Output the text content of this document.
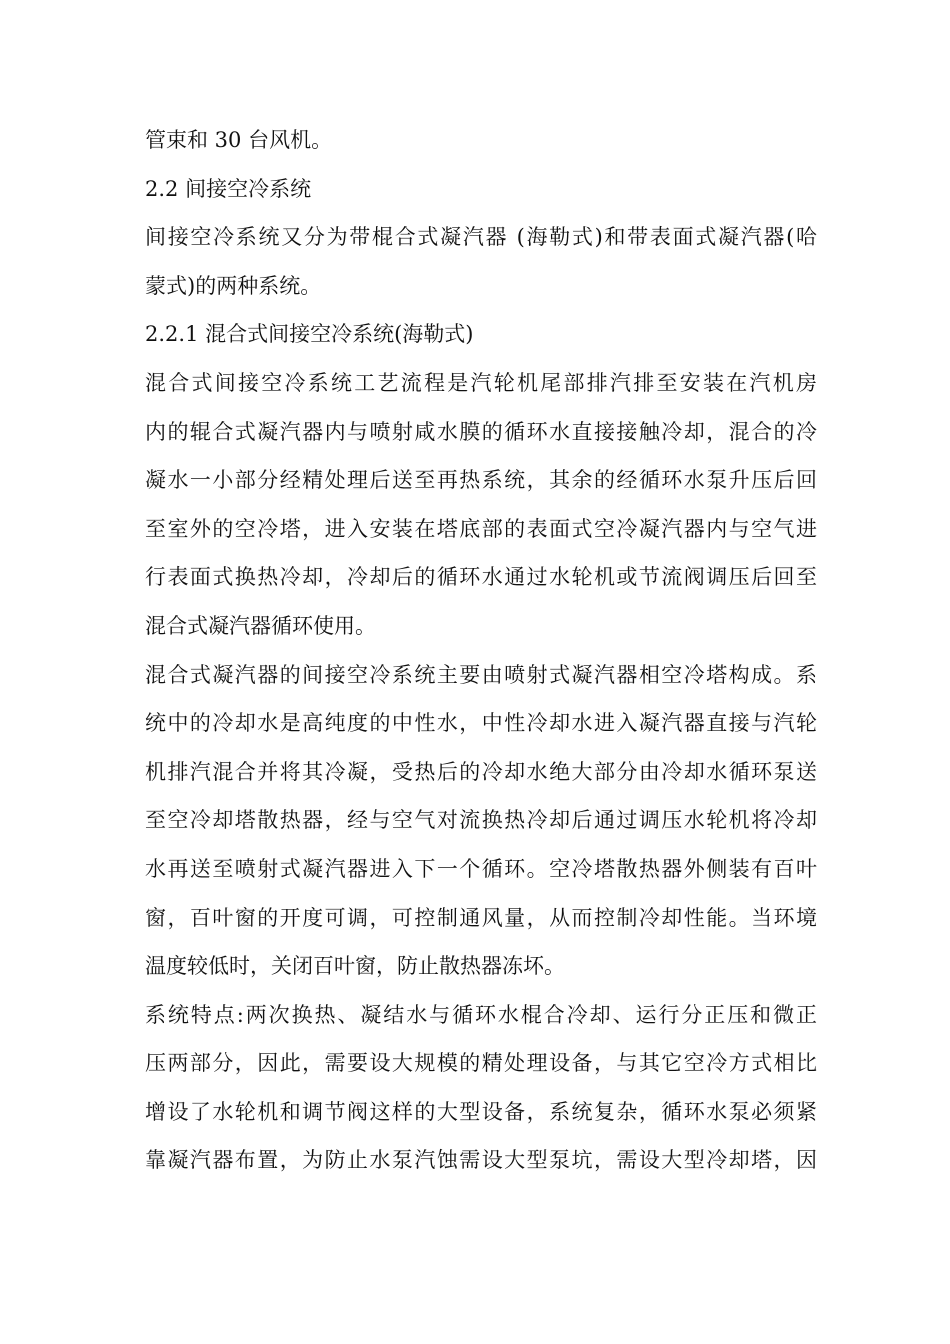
管束和 30 台风机。
2.2 间接空冷系统
间接空冷系统又分为带棍合式凝汽器 (海勒式)和带表面式凝汽器(哈
蒙式)的两种系统。
2.2.1 混合式间接空冷系统(海勒式)
混合式间接空冷系统工艺流程是汽轮机尾部排汽排至安装在汽机房
内的辊合式凝汽器内与喷射咸水膜的循环水直接接触冷却，混合的冷
凝水一小部分经精处理后送至再热系统，其余的经循环水泵升压后回
至室外的空冷塔，进入安装在塔底部的表面式空冷凝汽器内与空气进
行表面式换热冷却，冷却后的循环水通过水轮机或节流阀调压后回至
混合式凝汽器循环使用。
混合式凝汽器的间接空冷系统主要由喷射式凝汽器相空冷塔构成。系
统中的冷却水是高纯度的中性水，中性冷却水进入凝汽器直接与汽轮
机排汽混合并将其冷凝，受热后的冷却水绝大部分由冷却水循环泵送
至空冷却塔散热器，经与空气对流换热冷却后通过调压水轮机将冷却
水再送至喷射式凝汽器进入下一个循环。空冷塔散热器外侧装有百叶
窗，百叶窗的开度可调，可控制通风量，从而控制冷却性能。当环境
温度较低时，关闭百叶窗，防止散热器冻坏。
系统特点:两次换热、凝结水与循环水棍合冷却、运行分正压和微正
压两部分，因此，需要设大规模的精处理设备，与其它空冷方式相比
增设了水轮机和调节阀这样的大型设备，系统复杂，循环水泵必须紧
靠凝汽器布置，为防止水泵汽蚀需设大型泵坑，需设大型冷却塔，因
